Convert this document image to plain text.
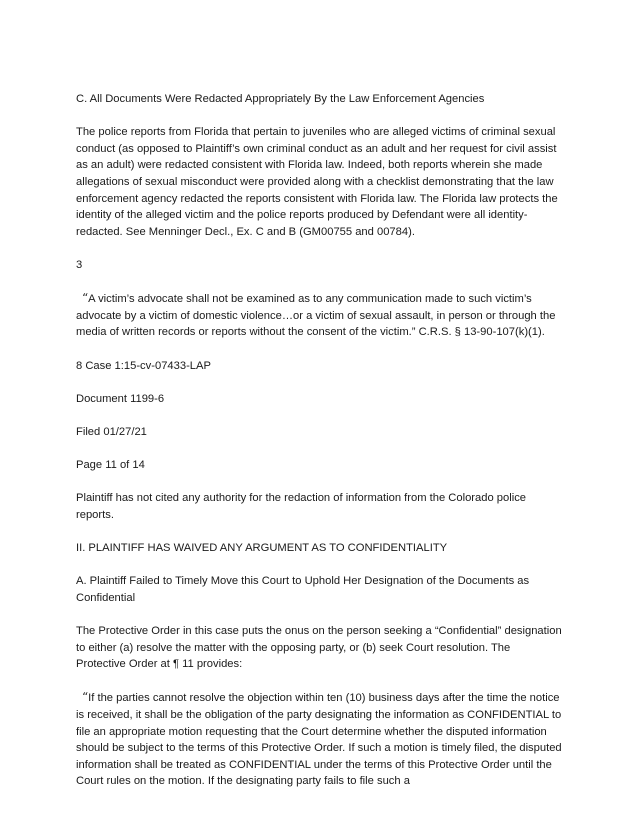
C. All Documents Were Redacted Appropriately By the Law Enforcement Agencies

The police reports from Florida that pertain to juveniles who are alleged victims of criminal sexual conduct (as opposed to Plaintiff’s own criminal conduct as an adult and her request for civil assist as an adult) were redacted consistent with Florida law. Indeed, both reports wherein she made allegations of sexual misconduct were provided along with a checklist demonstrating that the law enforcement agency redacted the reports consistent with Florida law. The Florida law protects the identity of the alleged victim and the police reports produced by Defendant were all identity-redacted. See Menninger Decl., Ex. C and B (GM00755 and 00784).

3

“A victim’s advocate shall not be examined as to any communication made to such victim’s advocate by a victim of domestic violence…or a victim of sexual assault, in person or through the media of written records or reports without the consent of the victim.” C.R.S. § 13-90-107(k)(1).

8 Case 1:15-cv-07433-LAP

Document 1199-6

Filed 01/27/21

Page 11 of 14

Plaintiff has not cited any authority for the redaction of information from the Colorado police reports.

II. PLAINTIFF HAS WAIVED ANY ARGUMENT AS TO CONFIDENTIALITY

A. Plaintiff Failed to Timely Move this Court to Uphold Her Designation of the Documents as Confidential

The Protective Order in this case puts the onus on the person seeking a “Confidential” designation to either (a) resolve the matter with the opposing party, or (b) seek Court resolution. The Protective Order at ¶ 11 provides:

“If the parties cannot resolve the objection within ten (10) business days after the time the notice is received, it shall be the obligation of the party designating the information as CONFIDENTIAL to file an appropriate motion requesting that the Court determine whether the disputed information should be subject to the terms of this Protective Order. If such a motion is timely filed, the disputed information shall be treated as CONFIDENTIAL under the terms of this Protective Order until the Court rules on the motion. If the designating party fails to file such a
